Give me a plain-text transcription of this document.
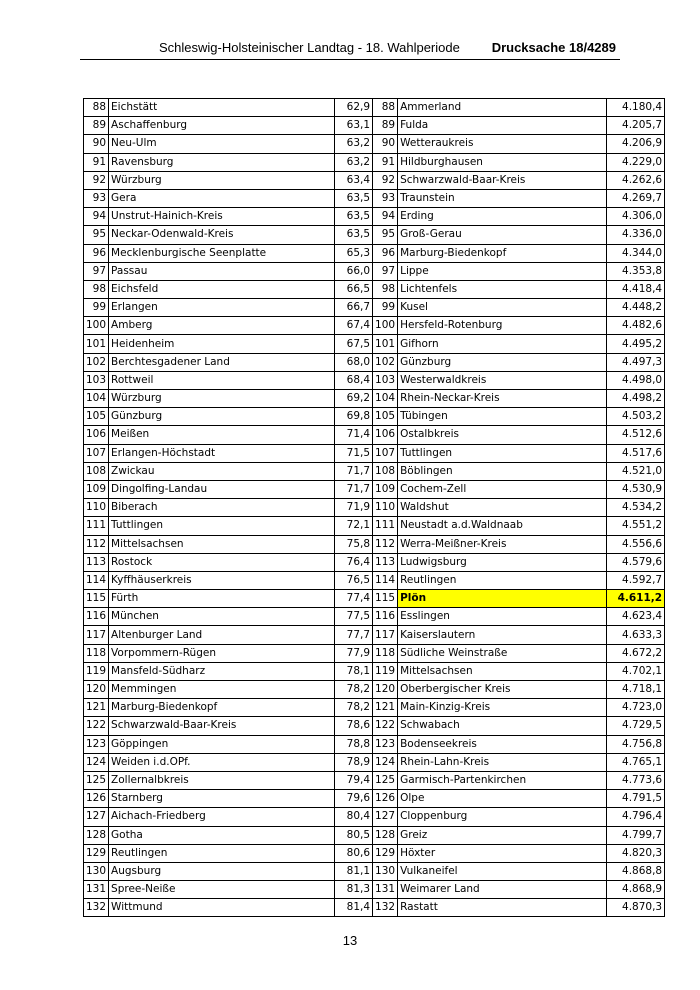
Schleswig-Holsteinischer Landtag - 18. Wahlperiode Drucksache 18/4289
88	Eichstätt	62,9	88	Ammerland	4.180,4
89	Aschaffenburg	63,1	89	Fulda	4.205,7
90	Neu-Ulm	63,2	90	Wetteraukreis	4.206,9
91	Ravensburg	63,2	91	Hildburghausen	4.229,0
92	Würzburg	63,4	92	Schwarzwald-Baar-Kreis	4.262,6
93	Gera	63,5	93	Traunstein	4.269,7
94	Unstrut-Hainich-Kreis	63,5	94	Erding	4.306,0
95	Neckar-Odenwald-Kreis	63,5	95	Groß-Gerau	4.336,0
96	Mecklenburgische Seenplatte	65,3	96	Marburg-Biedenkopf	4.344,0
97	Passau	66,0	97	Lippe	4.353,8
98	Eichsfeld	66,5	98	Lichtenfels	4.418,4
99	Erlangen	66,7	99	Kusel	4.448,2
100	Amberg	67,4	100	Hersfeld-Rotenburg	4.482,6
101	Heidenheim	67,5	101	Gifhorn	4.495,2
102	Berchtesgadener Land	68,0	102	Günzburg	4.497,3
103	Rottweil	68,4	103	Westerwaldkreis	4.498,0
104	Würzburg	69,2	104	Rhein-Neckar-Kreis	4.498,2
105	Günzburg	69,8	105	Tübingen	4.503,2
106	Meißen	71,4	106	Ostalbkreis	4.512,6
107	Erlangen-Höchstadt	71,5	107	Tuttlingen	4.517,6
108	Zwickau	71,7	108	Böblingen	4.521,0
109	Dingolfing-Landau	71,7	109	Cochem-Zell	4.530,9
110	Biberach	71,9	110	Waldshut	4.534,2
111	Tuttlingen	72,1	111	Neustadt a.d.Waldnaab	4.551,2
112	Mittelsachsen	75,8	112	Werra-Meißner-Kreis	4.556,6
113	Rostock	76,4	113	Ludwigsburg	4.579,6
114	Kyffhäuserkreis	76,5	114	Reutlingen	4.592,7
115	Fürth	77,4	115	Plön	4.611,2
116	München	77,5	116	Esslingen	4.623,4
117	Altenburger Land	77,7	117	Kaiserslautern	4.633,3
118	Vorpommern-Rügen	77,9	118	Südliche Weinstraße	4.672,2
119	Mansfeld-Südharz	78,1	119	Mittelsachsen	4.702,1
120	Memmingen	78,2	120	Oberbergischer Kreis	4.718,1
121	Marburg-Biedenkopf	78,2	121	Main-Kinzig-Kreis	4.723,0
122	Schwarzwald-Baar-Kreis	78,6	122	Schwabach	4.729,5
123	Göppingen	78,8	123	Bodenseekreis	4.756,8
124	Weiden i.d.OPf.	78,9	124	Rhein-Lahn-Kreis	4.765,1
125	Zollernalbkreis	79,4	125	Garmisch-Partenkirchen	4.773,6
126	Starnberg	79,6	126	Olpe	4.791,5
127	Aichach-Friedberg	80,4	127	Cloppenburg	4.796,4
128	Gotha	80,5	128	Greiz	4.799,7
129	Reutlingen	80,6	129	Höxter	4.820,3
130	Augsburg	81,1	130	Vulkaneifel	4.868,8
131	Spree-Neiße	81,3	131	Weimarer Land	4.868,9
132	Wittmund	81,4	132	Rastatt	4.870,3
13
